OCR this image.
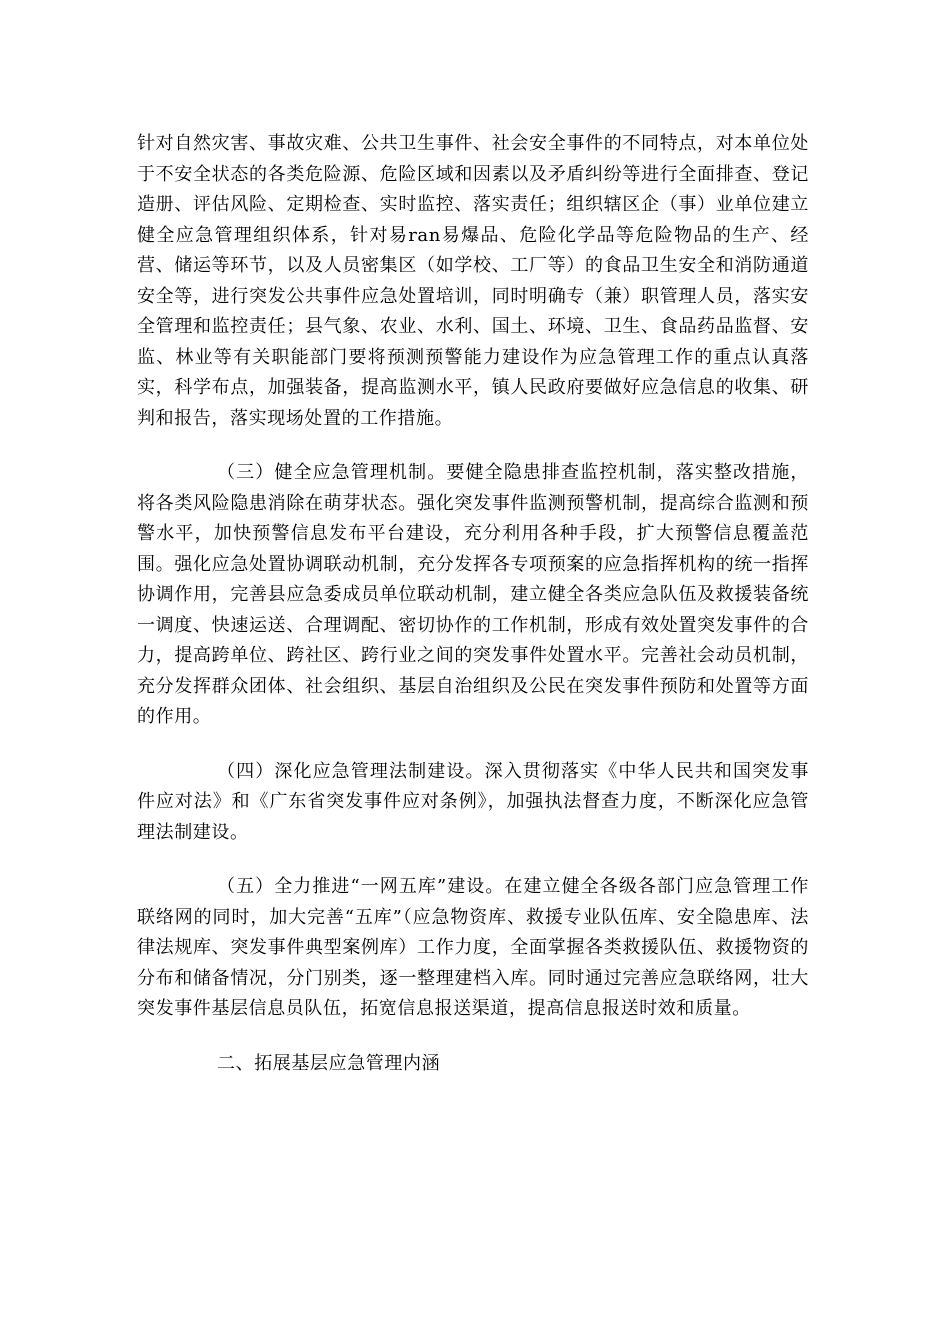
针对自然灾害、事故灾难、公共卫生事件、社会安全事件的不同特点，对本单位处于不安全状态的各类危险源、危险区域和因素以及矛盾纠纷等进行全面排查、登记造册、评估风险、定期检查、实时监控、落实责任；组织辖区企（事）业单位建立健全应急管理组织体系，针对易ran易爆品、危险化学品等危险物品的生产、经营、储运等环节，以及人员密集区（如学校、工厂等）的食品卫生安全和消防通道安全等，进行突发公共事件应急处置培训，同时明确专（兼）职管理人员，落实安全管理和监控责任；县气象、农业、水利、国土、环境、卫生、食品药品监督、安监、林业等有关职能部门要将预测预警能力建设作为应急管理工作的重点认真落实，科学布点，加强装备，提高监测水平，镇人民政府要做好应急信息的收集、研判和报告，落实现场处置的工作措施。

（三）健全应急管理机制。要健全隐患排查监控机制，落实整改措施，将各类风险隐患消除在萌芽状态。强化突发事件监测预警机制，提高综合监测和预警水平，加快预警信息发布平台建设，充分利用各种手段，扩大预警信息覆盖范围。强化应急处置协调联动机制，充分发挥各专项预案的应急指挥机构的统一指挥协调作用，完善县应急委成员单位联动机制，建立健全各类应急队伍及救援装备统一调度、快速运送、合理调配、密切协作的工作机制，形成有效处置突发事件的合力，提高跨单位、跨社区、跨行业之间的突发事件处置水平。完善社会动员机制，充分发挥群众团体、社会组织、基层自治组织及公民在突发事件预防和处置等方面的作用。

（四）深化应急管理法制建设。深入贯彻落实《中华人民共和国突发事件应对法》和《广东省突发事件应对条例》，加强执法督查力度，不断深化应急管理法制建设。

（五）全力推进“一网五库”建设。在建立健全各级各部门应急管理工作联络网的同时，加大完善“五库”（应急物资库、救援专业队伍库、安全隐患库、法律法规库、突发事件典型案例库）工作力度，全面掌握各类救援队伍、救援物资的分布和储备情况，分门别类，逐一整理建档入库。同时通过完善应急联络网，壮大突发事件基层信息员队伍，拓宽信息报送渠道，提高信息报送时效和质量。

二、拓展基层应急管理内涵
